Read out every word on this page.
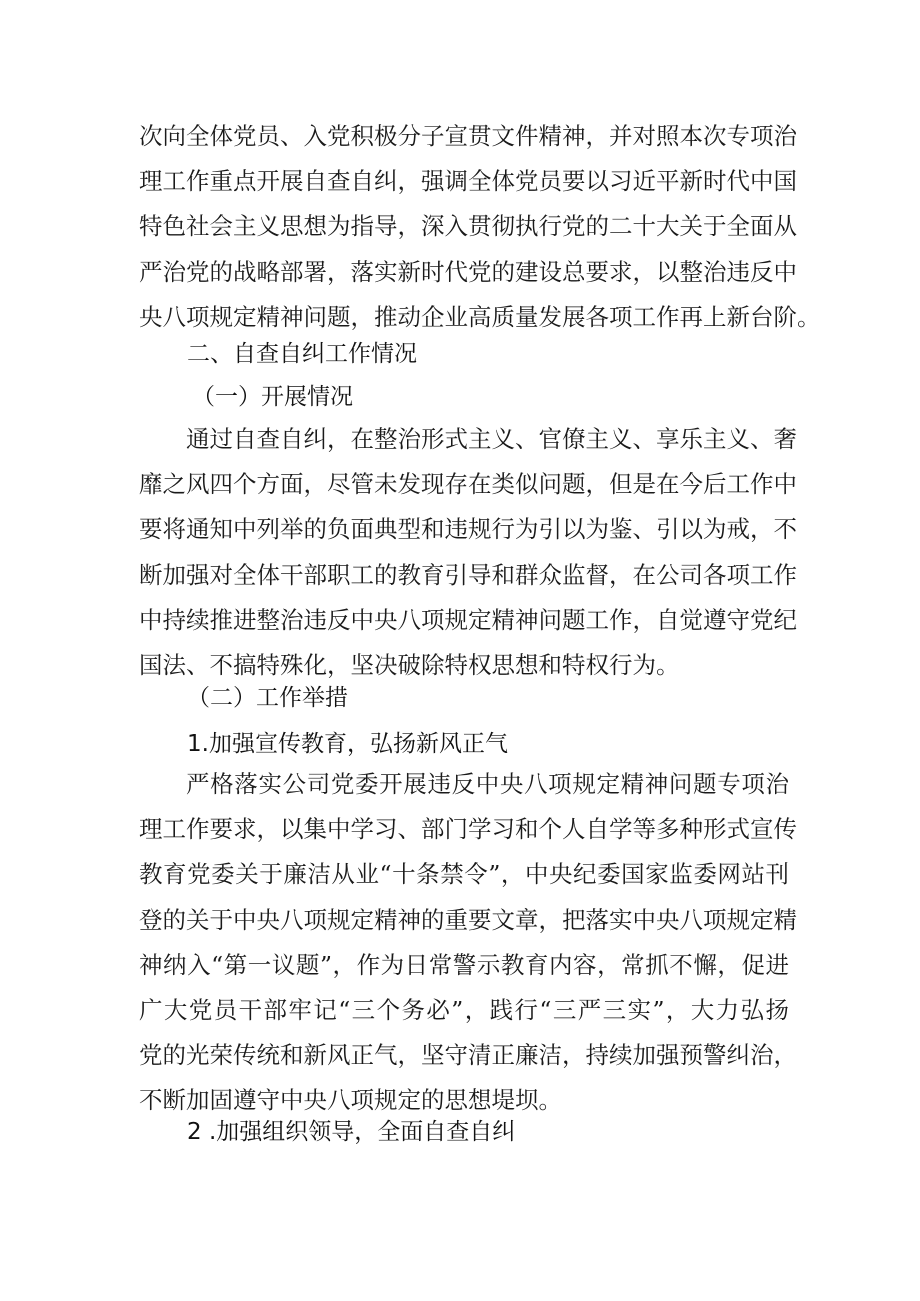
次向全体党员、入党积极分子宣贯文件精神，并对照本次专项治
理工作重点开展自查自纠，强调全体党员要以习近平新时代中国
特色社会主义思想为指导，深入贯彻执行党的二十大关于全面从
严治党的战略部署，落实新时代党的建设总要求，以整治违反中
央八项规定精神问题，推动企业高质量发展各项工作再上新台阶。
二、自查自纠工作情况
（一）开展情况
通过自查自纠，在整治形式主义、官僚主义、享乐主义、奢
靡之风四个方面，尽管未发现存在类似问题，但是在今后工作中
要将通知中列举的负面典型和违规行为引以为鉴、引以为戒，不
断加强对全体干部职工的教育引导和群众监督，在公司各项工作
中持续推进整治违反中央八项规定精神问题工作，自觉遵守党纪
国法、不搞特殊化，坚决破除特权思想和特权行为。
（二）工作举措
1.加强宣传教育，弘扬新风正气
严格落实公司党委开展违反中央八项规定精神问题专项治
理工作要求，以集中学习、部门学习和个人自学等多种形式宣传
教育党委关于廉洁从业“十条禁令”，中央纪委国家监委网站刊
登的关于中央八项规定精神的重要文章，把落实中央八项规定精
神纳入“第一议题”，作为日常警示教育内容，常抓不懈，促进
广大党员干部牢记“三个务必”，践行“三严三实”，大力弘扬
党的光荣传统和新风正气，坚守清正廉洁，持续加强预警纠治，
不断加固遵守中央八项规定的思想堤坝。
2 .加强组织领导，全面自查自纠
